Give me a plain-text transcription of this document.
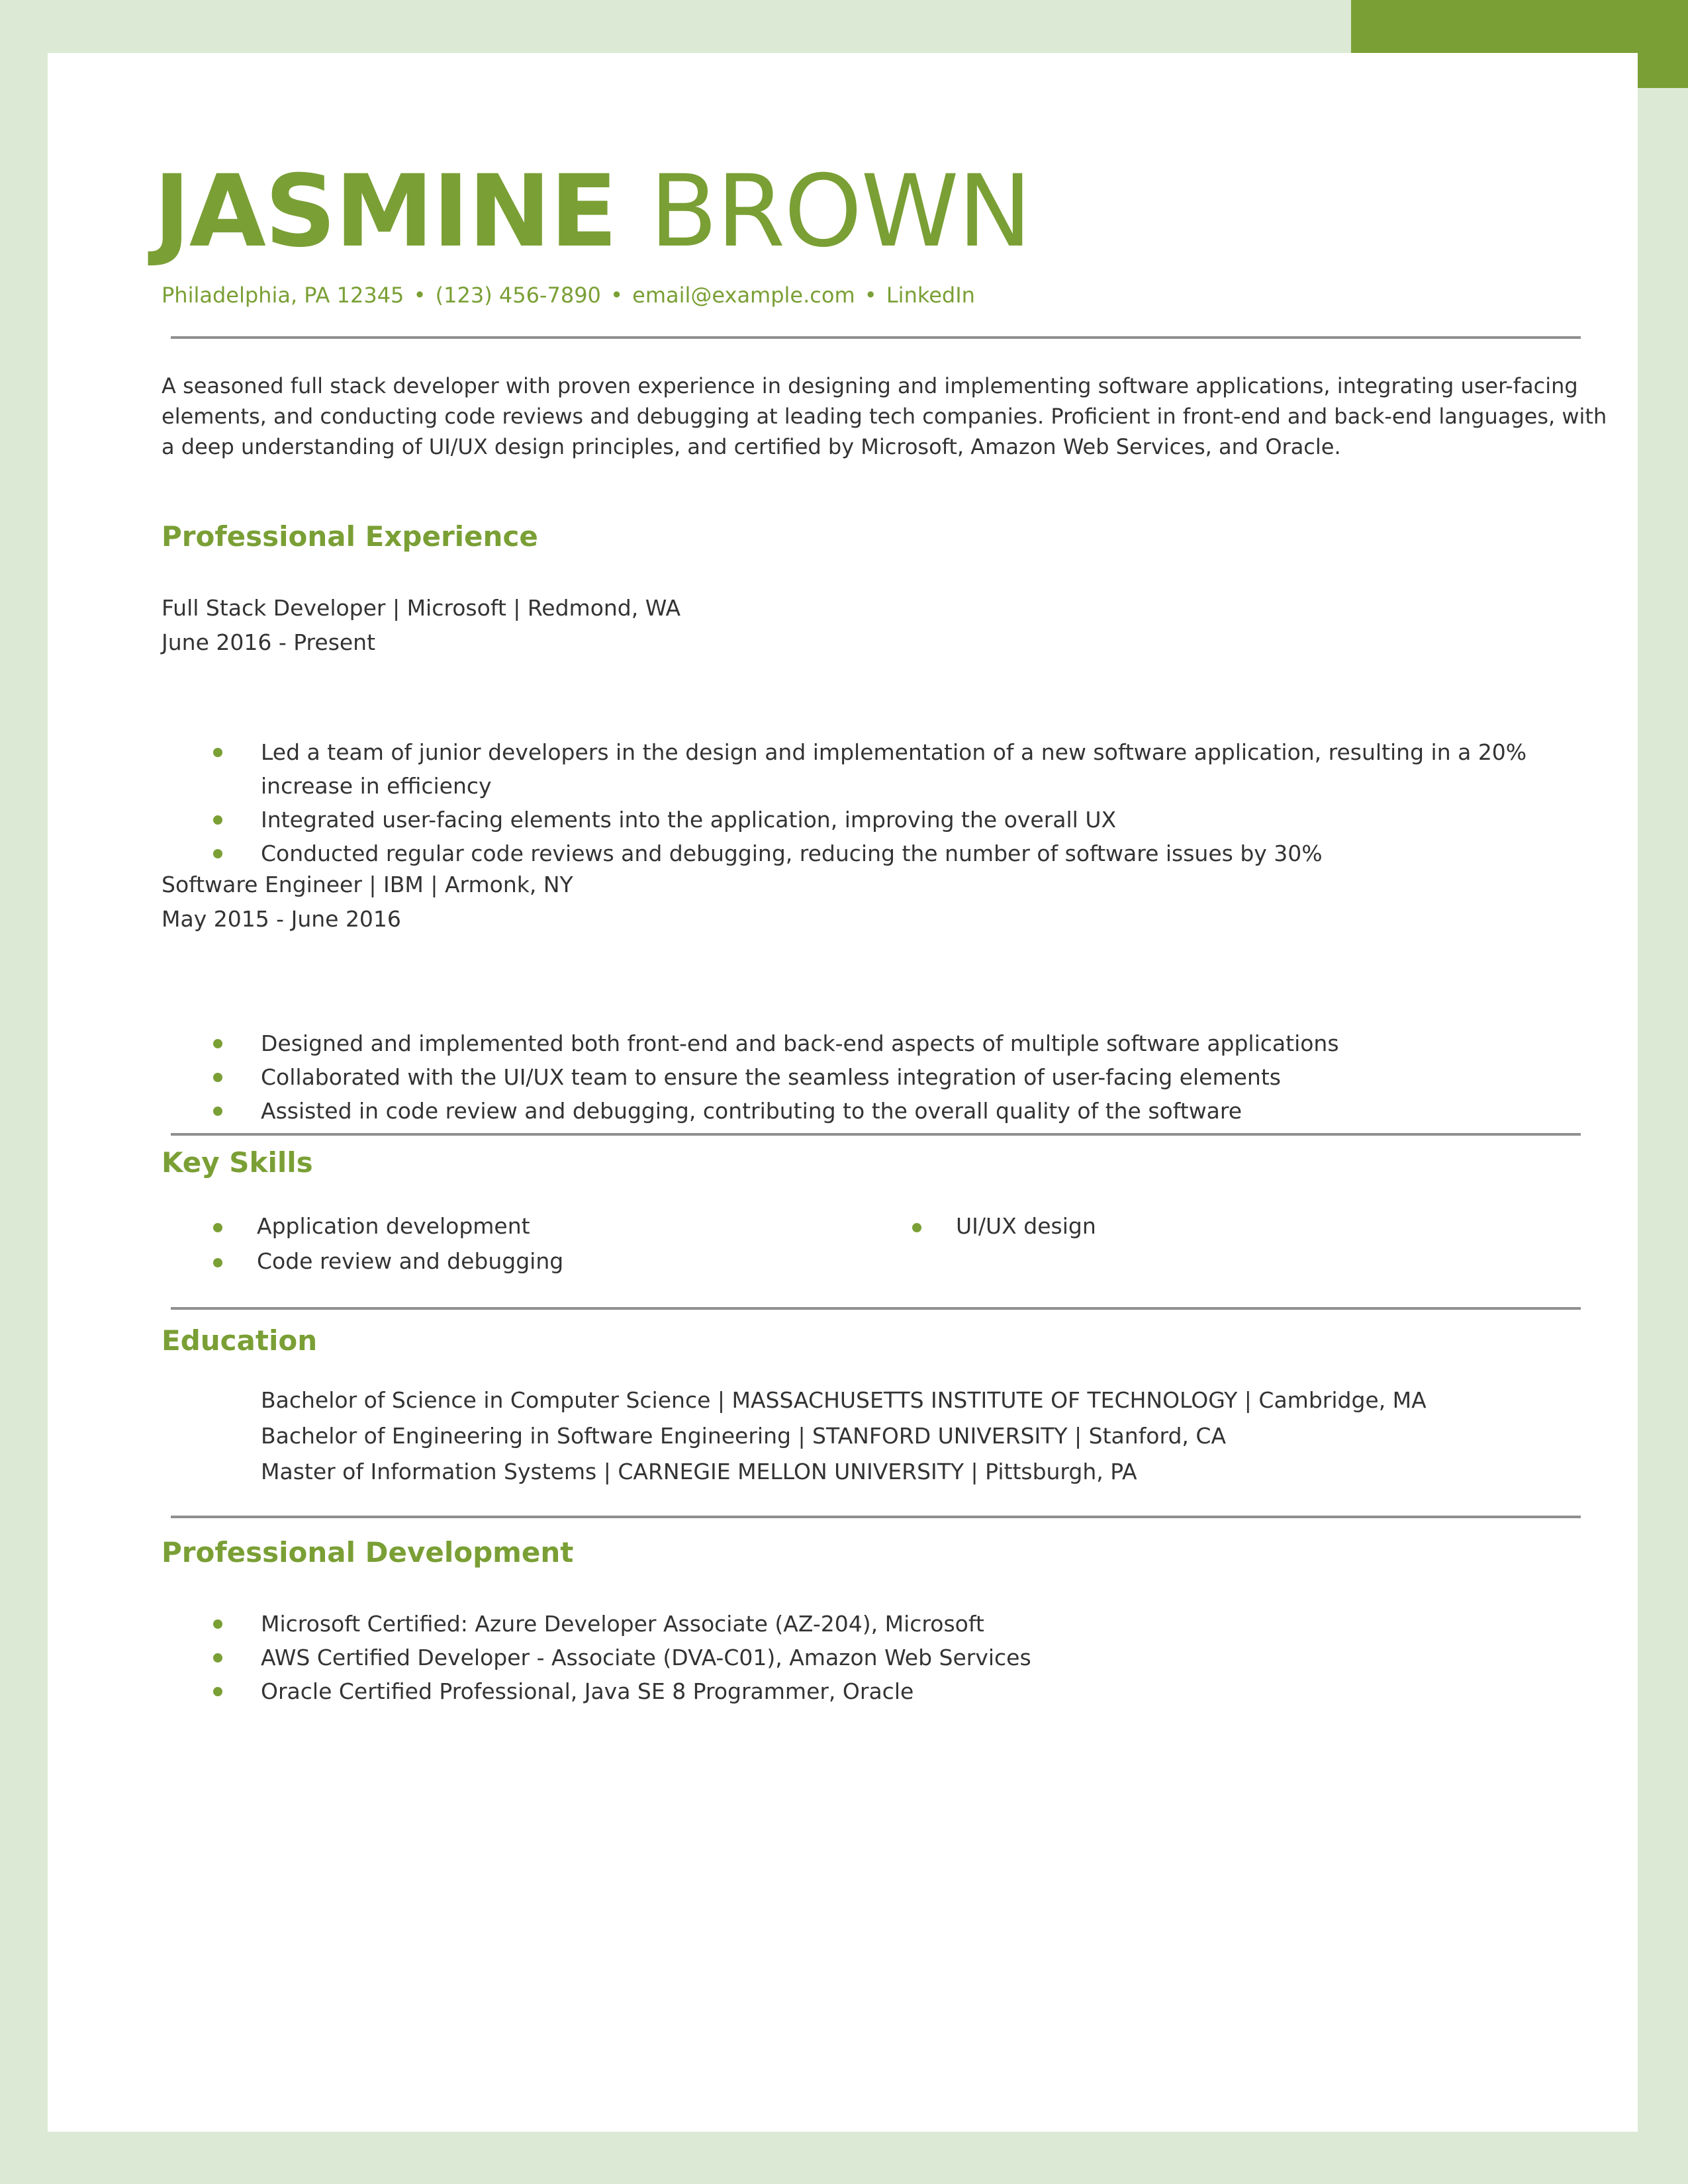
JASMINE BROWN
Philadelphia, PA 12345 • (123) 456-7890 • email@example.com • LinkedIn

A seasoned full stack developer with proven experience in designing and implementing software applications, integrating user-facing elements, and conducting code reviews and debugging at leading tech companies. Proficient in front-end and back-end languages, with a deep understanding of UI/UX design principles, and certified by Microsoft, Amazon Web Services, and Oracle.

Professional Experience
Full Stack Developer | Microsoft | Redmond, WA
June 2016 - Present
Led a team of junior developers in the design and implementation of a new software application, resulting in a 20% increase in efficiency
Integrated user-facing elements into the application, improving the overall UX
Conducted regular code reviews and debugging, reducing the number of software issues by 30%
Software Engineer | IBM | Armonk, NY
May 2015 - June 2016
Designed and implemented both front-end and back-end aspects of multiple software applications
Collaborated with the UI/UX team to ensure the seamless integration of user-facing elements
Assisted in code review and debugging, contributing to the overall quality of the software
Key Skills
Application development
Code review and debugging
UI/UX design
Education
Bachelor of Science in Computer Science | MASSACHUSETTS INSTITUTE OF TECHNOLOGY | Cambridge, MA
Bachelor of Engineering in Software Engineering | STANFORD UNIVERSITY | Stanford, CA
Master of Information Systems | CARNEGIE MELLON UNIVERSITY | Pittsburgh, PA
Professional Development
Microsoft Certified: Azure Developer Associate (AZ-204), Microsoft
AWS Certified Developer - Associate (DVA-C01), Amazon Web Services
Oracle Certified Professional, Java SE 8 Programmer, Oracle
